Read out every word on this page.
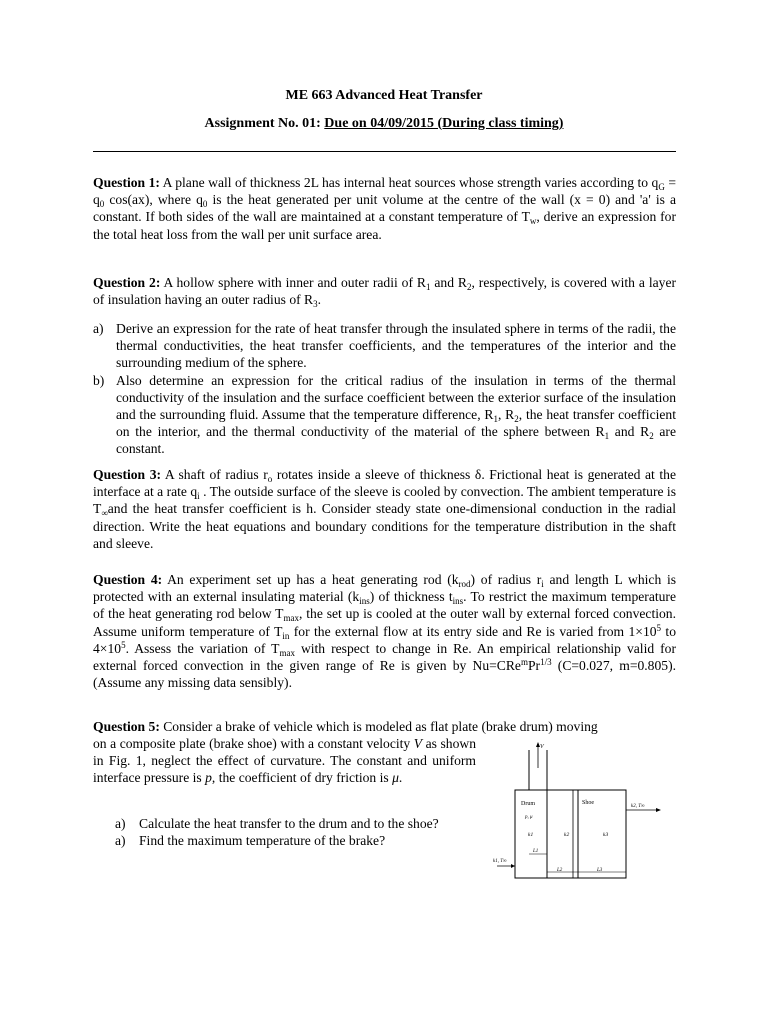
ME 663 Advanced Heat Transfer
Assignment No. 01: Due on 04/09/2015 (During class timing)
Question 1: A plane wall of thickness 2L has internal heat sources whose strength varies according to $q_G = q_0$ cos(ax), where $q_0$ is the heat generated per unit volume at the centre of the wall (x = 0) and 'a' is a constant. If both sides of the wall are maintained at a constant temperature of $T_w$, derive an expression for the total heat loss from the wall per unit surface area.
Question 2: A hollow sphere with inner and outer radii of $R_1$ and $R_2$, respectively, is covered with a layer of insulation having an outer radius of $R_3$.
a) Derive an expression for the rate of heat transfer through the insulated sphere in terms of the radii, the thermal conductivities, the heat transfer coefficients, and the temperatures of the interior and the surrounding medium of the sphere.
b) Also determine an expression for the critical radius of the insulation in terms of the thermal conductivity of the insulation and the surface coefficient between the exterior surface of the insulation and the surrounding fluid. Assume that the temperature difference, $R_1$, $R_2$, the heat transfer coefficient on the interior, and the thermal conductivity of the material of the sphere between $R_1$ and $R_2$ are constant.
Question 3: A shaft of radius $r_o$ rotates inside a sleeve of thickness δ. Frictional heat is generated at the interface at a rate $q_i$ . The outside surface of the sleeve is cooled by convection. The ambient temperature is $T_\infty and$ the heat transfer coefficient is h. Consider steady state one-dimensional conduction in the radial direction. Write the heat equations and boundary conditions for the temperature distribution in the shaft and sleeve.
Question 4: An experiment set up has a heat generating rod $(k_{rod})$ of radius $r_i$ and length L which is protected with an external insulating material $(k_{ins})$ of thickness $t_{ins}$. To restrict the maximum temperature of the heat generating rod below $T_{max}$, the set up is cooled at the outer wall by external forced convection. Assume uniform temperature of $T_{in}$ for the external flow at its entry side and Re is varied from $1\times 10^5$ to $4\times 10^5$. Assess the variation of $T_{max}$ with respect to change in Re. An empirical relationship valid for external forced convection in the given range of Re is given by $Nu=CRe^mPr^{1/3}$ (C=0.027, m=0.805). (Assume any missing data sensibly).
Question 5: Consider a brake of vehicle which is modeled as flat plate (brake drum) moving
on a composite plate (brake shoe) with a constant velocity V as shown in Fig. 1, neglect the effect of curvature. The constant and uniform interface pressure is p, the coefficient of dry friction is μ.
a) Calculate the heat transfer to the drum and to the shoe?
a) Find the maximum temperature of the brake?
V
Drum	Shoe
p, μ
k1	k2	k3
L1
L2	L3
k1, T∞
k2, T∞
